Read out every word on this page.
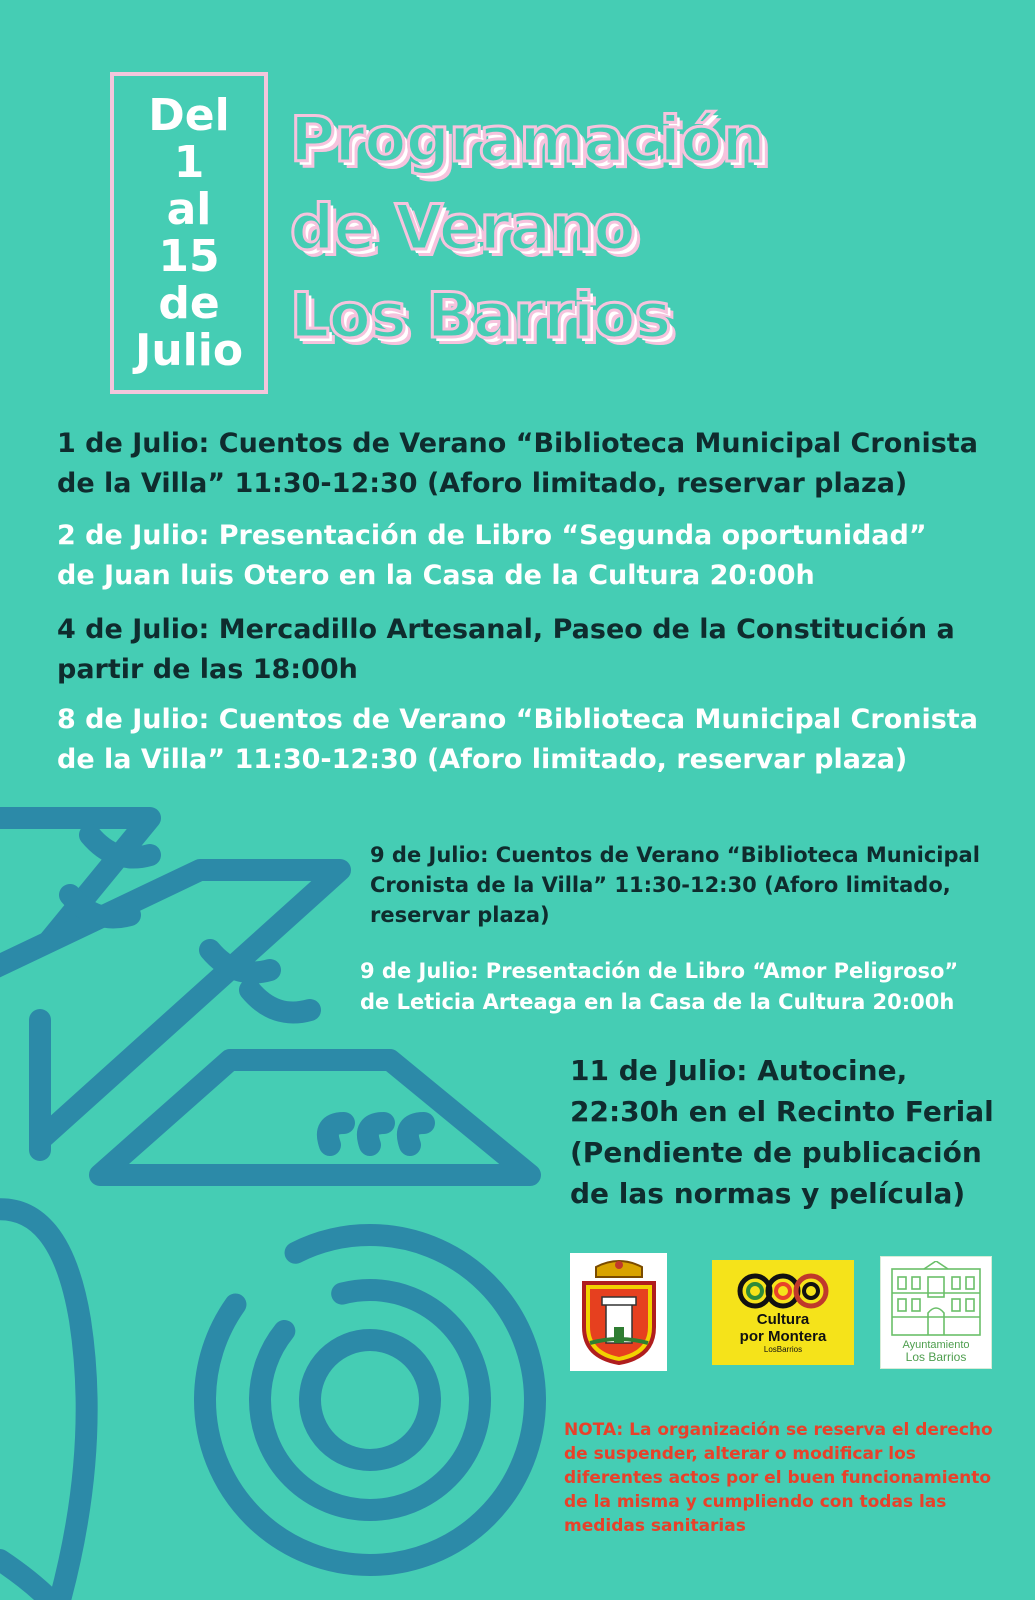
Del
1
al
15
de
Julio
Programación
de Verano
Los Barrios
1 de Julio: Cuentos de Verano “Biblioteca Municipal Cronista
de la Villa” 11:30-12:30 (Aforo limitado, reservar plaza)
2 de Julio: Presentación de Libro “Segunda oportunidad”
de Juan luis Otero en la Casa de la Cultura 20:00h
4 de Julio: Mercadillo Artesanal, Paseo de la Constitución a
partir de las 18:00h
8 de Julio: Cuentos de Verano “Biblioteca Municipal Cronista
de la Villa” 11:30-12:30 (Aforo limitado, reservar plaza)
9 de Julio: Cuentos de Verano “Biblioteca Municipal
Cronista de la Villa” 11:30-12:30 (Aforo limitado,
reservar plaza)
9 de Julio: Presentación de Libro “Amor Peligroso”
de Leticia Arteaga en la Casa de la Cultura 20:00h
11 de Julio: Autocine,
22:30h en el Recinto Ferial
(Pendiente de publicación
de las normas y película)
Cultura
por Montera
LosBarrios	Ayuntamiento
Los Barrios

NOTA: La organización se reserva el derecho de suspender, alterar o modificar los diferentes actos por el buen funcionamiento de la misma y cumpliendo con todas las medidas sanitarias
